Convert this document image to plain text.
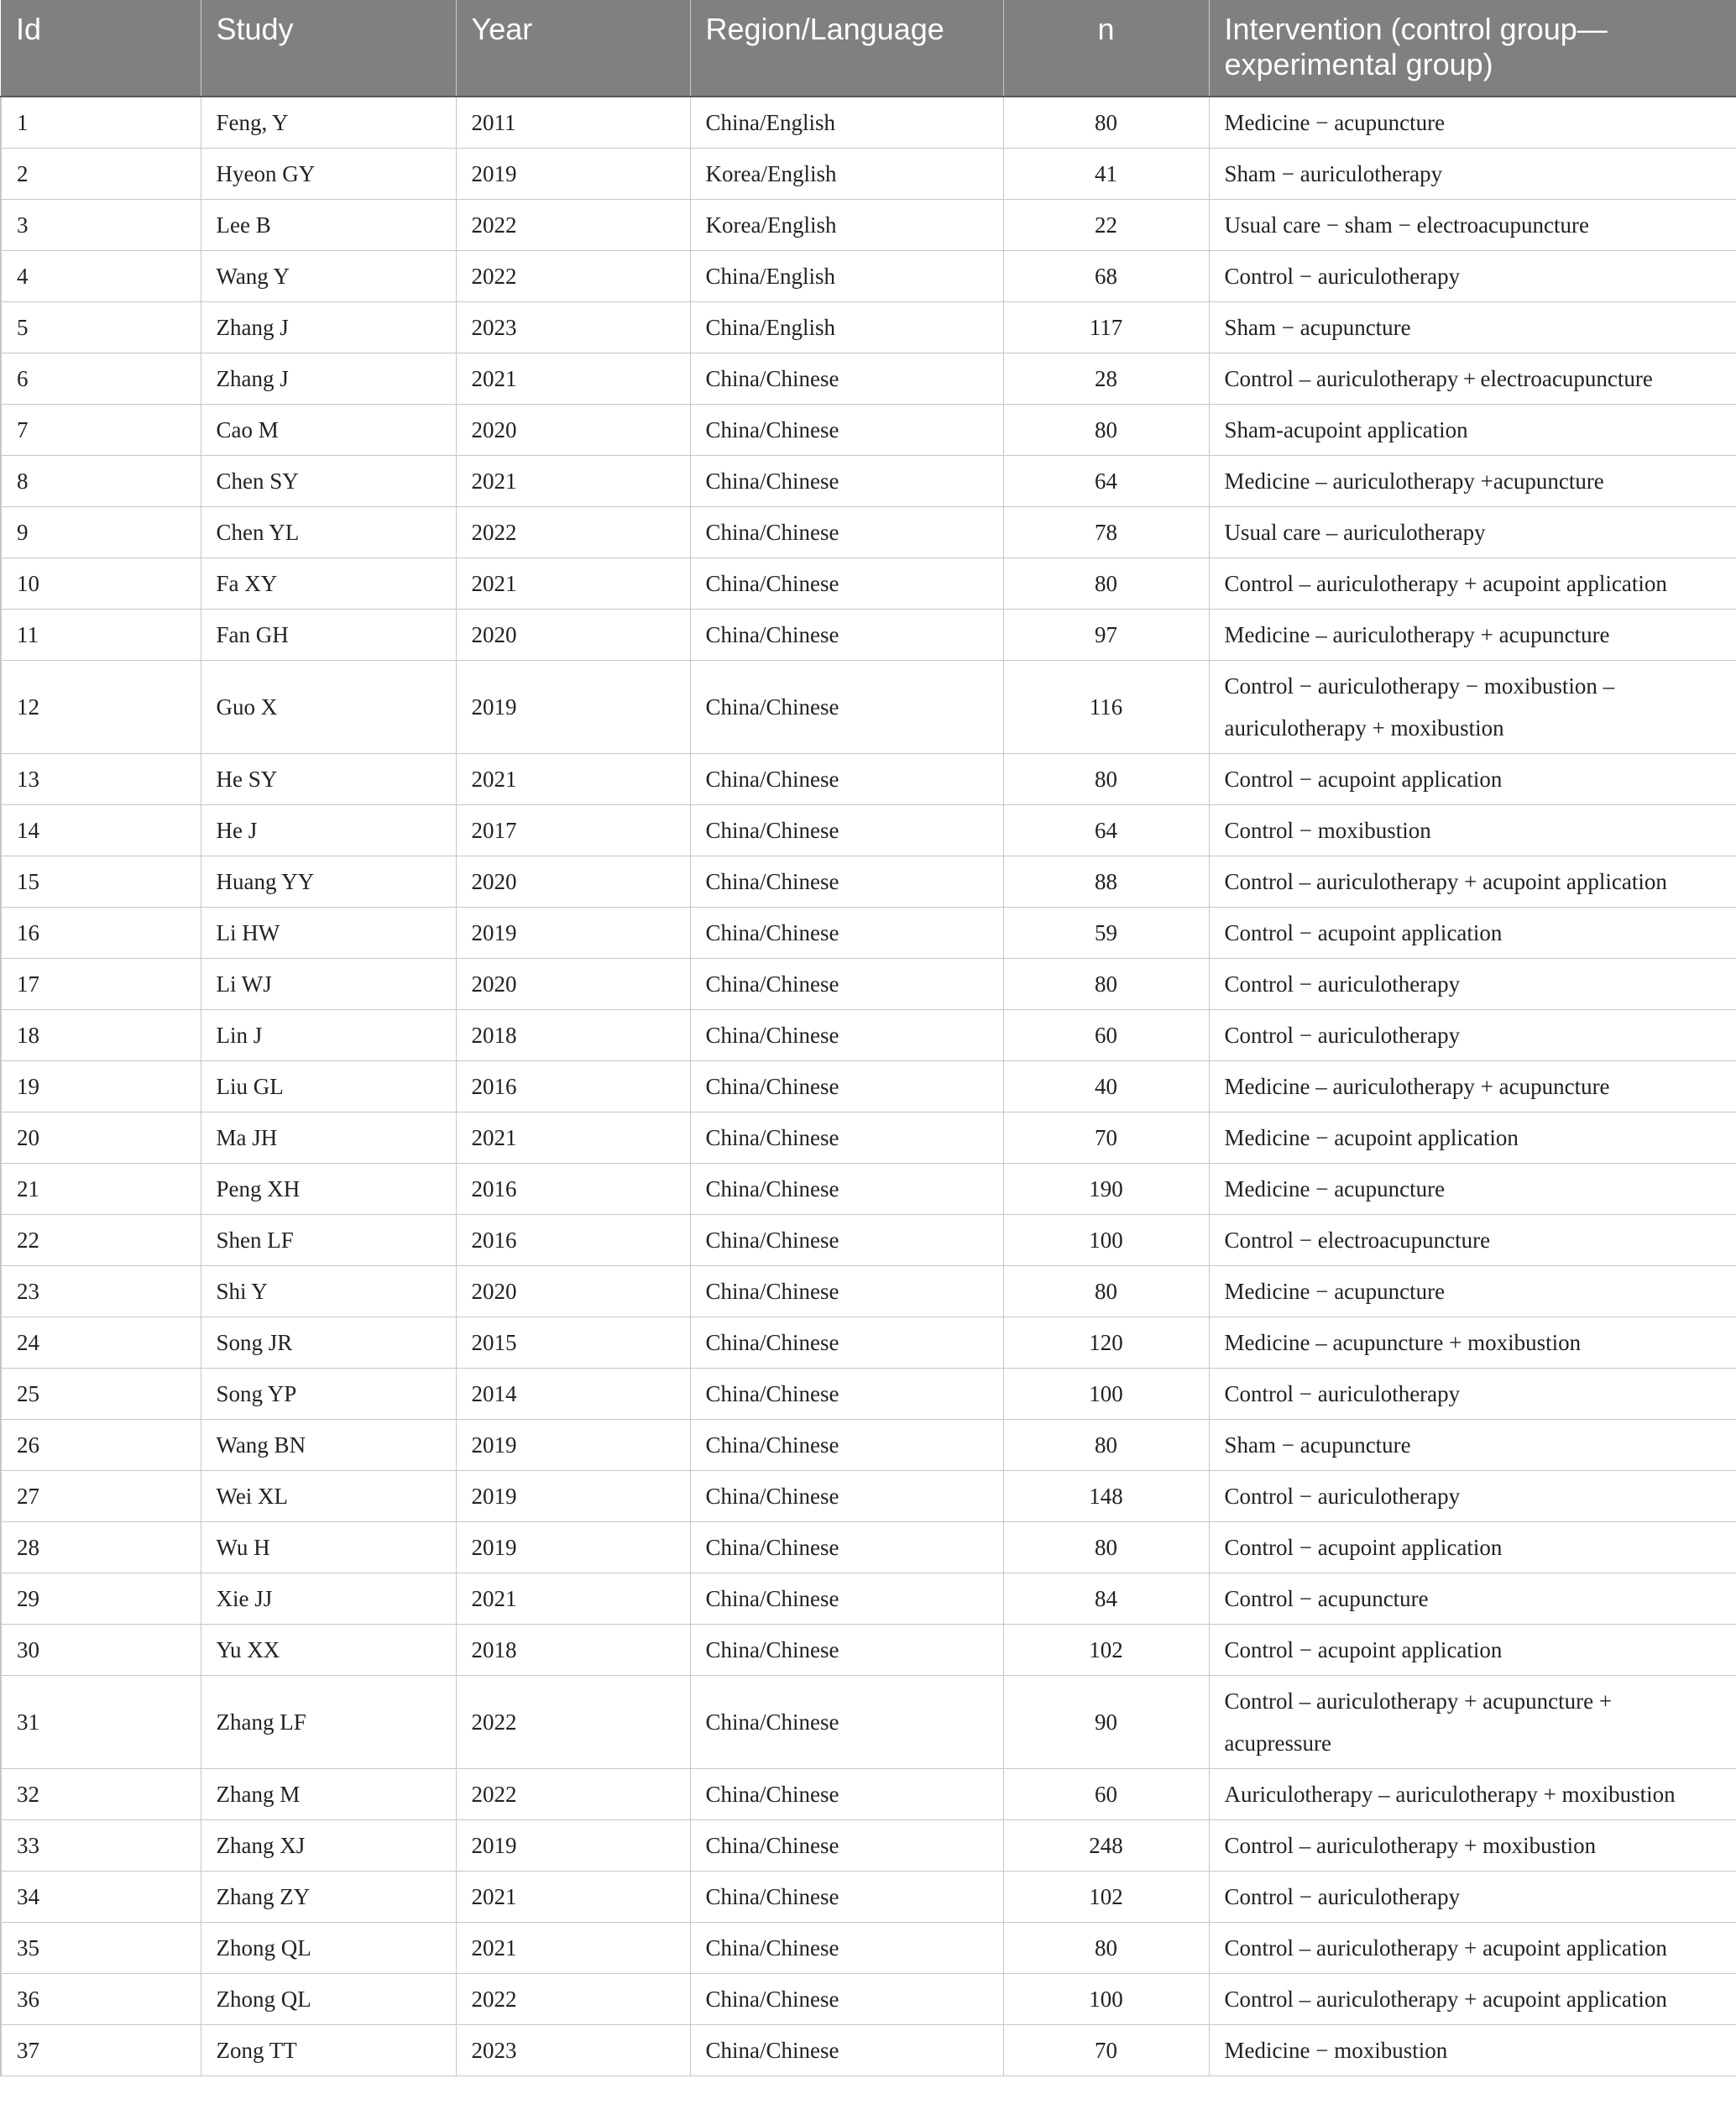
Id	Study	Year	Region/Language	n	Intervention (control group—experimental group)
1	Feng, Y	2011	China/English	80	Medicine − acupuncture
2	Hyeon GY	2019	Korea/English	41	Sham − auriculotherapy
3	Lee B	2022	Korea/English	22	Usual care − sham − electroacupuncture
4	Wang Y	2022	China/English	68	Control − auriculotherapy
5	Zhang J	2023	China/English	117	Sham − acupuncture
6	Zhang J	2021	China/Chinese	28	Control – auriculotherapy + electroacupuncture
7	Cao M	2020	China/Chinese	80	Sham-acupoint application
8	Chen SY	2021	China/Chinese	64	Medicine – auriculotherapy +acupuncture
9	Chen YL	2022	China/Chinese	78	Usual care – auriculotherapy
10	Fa XY	2021	China/Chinese	80	Control – auriculotherapy + acupoint application
11	Fan GH	2020	China/Chinese	97	Medicine – auriculotherapy + acupuncture
12	Guo X	2019	China/Chinese	116	Control − auriculotherapy − moxibustion – auriculotherapy + moxibustion
13	He SY	2021	China/Chinese	80	Control − acupoint application
14	He J	2017	China/Chinese	64	Control − moxibustion
15	Huang YY	2020	China/Chinese	88	Control – auriculotherapy + acupoint application
16	Li HW	2019	China/Chinese	59	Control − acupoint application
17	Li WJ	2020	China/Chinese	80	Control − auriculotherapy
18	Lin J	2018	China/Chinese	60	Control − auriculotherapy
19	Liu GL	2016	China/Chinese	40	Medicine – auriculotherapy + acupuncture
20	Ma JH	2021	China/Chinese	70	Medicine − acupoint application
21	Peng XH	2016	China/Chinese	190	Medicine − acupuncture
22	Shen LF	2016	China/Chinese	100	Control − electroacupuncture
23	Shi Y	2020	China/Chinese	80	Medicine − acupuncture
24	Song JR	2015	China/Chinese	120	Medicine – acupuncture + moxibustion
25	Song YP	2014	China/Chinese	100	Control − auriculotherapy
26	Wang BN	2019	China/Chinese	80	Sham − acupuncture
27	Wei XL	2019	China/Chinese	148	Control − auriculotherapy
28	Wu H	2019	China/Chinese	80	Control − acupoint application
29	Xie JJ	2021	China/Chinese	84	Control − acupuncture
30	Yu XX	2018	China/Chinese	102	Control − acupoint application
31	Zhang LF	2022	China/Chinese	90	Control – auriculotherapy + acupuncture + acupressure
32	Zhang M	2022	China/Chinese	60	Auriculotherapy – auriculotherapy + moxibustion
33	Zhang XJ	2019	China/Chinese	248	Control – auriculotherapy + moxibustion
34	Zhang ZY	2021	China/Chinese	102	Control − auriculotherapy
35	Zhong QL	2021	China/Chinese	80	Control – auriculotherapy + acupoint application
36	Zhong QL	2022	China/Chinese	100	Control – auriculotherapy + acupoint application
37	Zong TT	2023	China/Chinese	70	Medicine − moxibustion
